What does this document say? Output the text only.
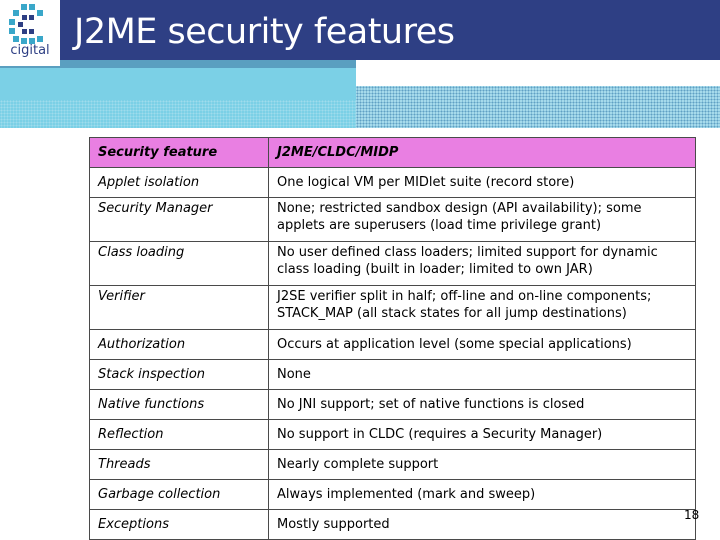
cigital J2ME security features
Security feature	J2ME/CLDC/MIDP
Applet isolation	One logical VM per MIDlet suite (record store)
Security Manager	None; restricted sandbox design (API availability); some applets are superusers (load time privilege grant)
Class loading	No user defined class loaders; limited support for dynamic class loading (built in loader; limited to own JAR)
Verifier	J2SE verifier split in half; off-line and on-line components; STACK_MAP (all stack states for all jump destinations)
Authorization	Occurs at application level (some special applications)
Stack inspection	None
Native functions	No JNI support; set of native functions is closed
Reflection	No support in CLDC (requires a Security Manager)
Threads	Nearly complete support
Garbage collection	Always implemented (mark and sweep)
Exceptions	Mostly supported
18
